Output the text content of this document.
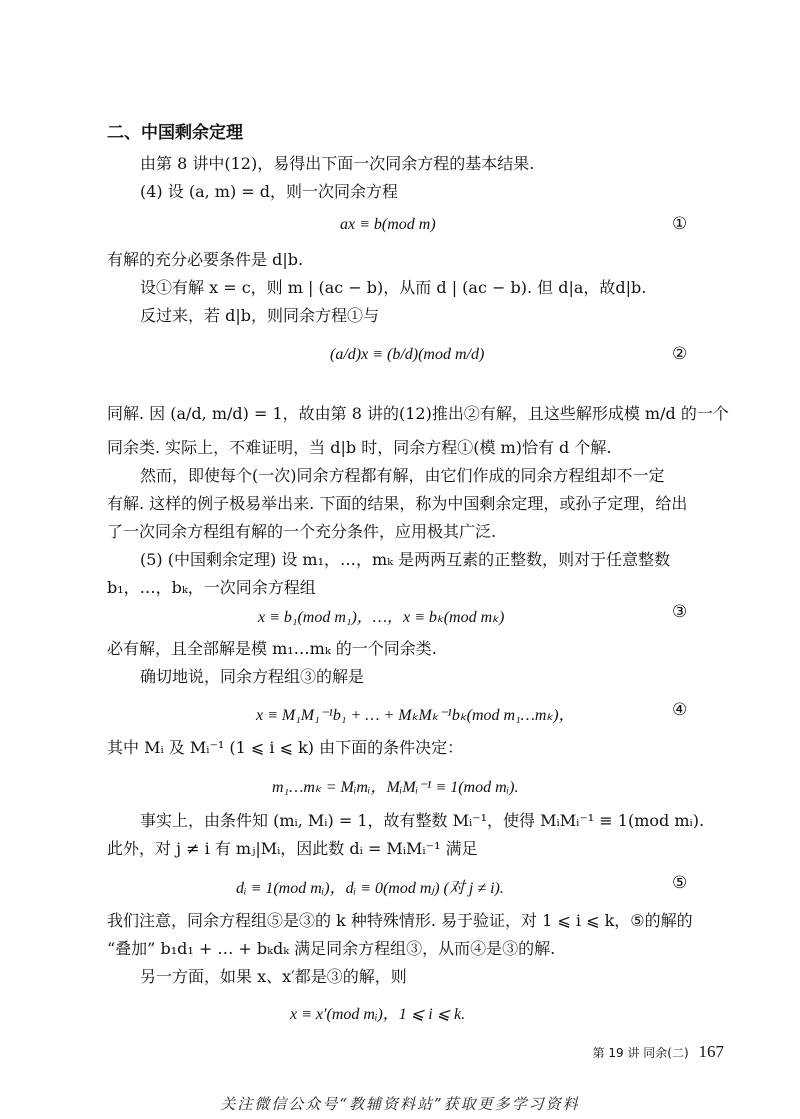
二、中国剩余定理
由第 8 讲中(12)，易得出下面一次同余方程的基本结果.
(4) 设 (a, m) = d，则一次同余方程
ax ≡ b(mod m)	①
有解的充分必要条件是 d|b.
设①有解 x = c，则 m | (ac − b)，从而 d | (ac − b). 但 d|a，故d|b.
反过来，若 d|b，则同余方程①与
(a/d)x ≡ (b/d)(mod m/d)	②
同解. 因 (a/d, m/d) = 1，故由第 8 讲的(12)推出②有解，且这些解形成模 m/d 的一个
同余类. 实际上，不难证明，当 d|b 时，同余方程①(模 m)恰有 d 个解.
然而，即使每个(一次)同余方程都有解，由它们作成的同余方程组却不一定
有解. 这样的例子极易举出来. 下面的结果，称为中国剩余定理，或孙子定理，给出
了一次同余方程组有解的一个充分条件，应用极其广泛.
(5) (中国剩余定理) 设 m₁，…，mₖ 是两两互素的正整数，则对于任意整数
b₁，…，bₖ，一次同余方程组
x ≡ b₁(mod m₁)，…，x ≡ bₖ(mod mₖ)	③
必有解，且全部解是模 m₁…mₖ 的一个同余类.
确切地说，同余方程组③的解是
x ≡ M₁M₁⁻¹b₁ + … + MₖMₖ⁻¹bₖ(mod m₁…mₖ)，	④
其中 Mᵢ 及 Mᵢ⁻¹ (1 ⩽ i ⩽ k) 由下面的条件决定：
m₁…mₖ = Mᵢmᵢ，MᵢMᵢ⁻¹ ≡ 1(mod mᵢ).
事实上，由条件知 (mᵢ, Mᵢ) = 1，故有整数 Mᵢ⁻¹，使得 MᵢMᵢ⁻¹ ≡ 1(mod mᵢ).
此外，对 j ≠ i 有 mⱼ|Mᵢ，因此数 dᵢ = MᵢMᵢ⁻¹ 满足
dᵢ ≡ 1(mod mᵢ)，dᵢ ≡ 0(mod mⱼ) (对 j ≠ i).	⑤
我们注意，同余方程组⑤是③的 k 种特殊情形. 易于验证，对 1 ⩽ i ⩽ k，⑤的解的
“叠加” b₁d₁ + … + bₖdₖ 满足同余方程组③，从而④是③的解.
另一方面，如果 x、x′都是③的解，则
x ≡ x′(mod mᵢ)，1 ⩽ i ⩽ k.
第 19 讲 同余(二) 167
关注微信公众号“教辅资料站”获取更多学习资料
